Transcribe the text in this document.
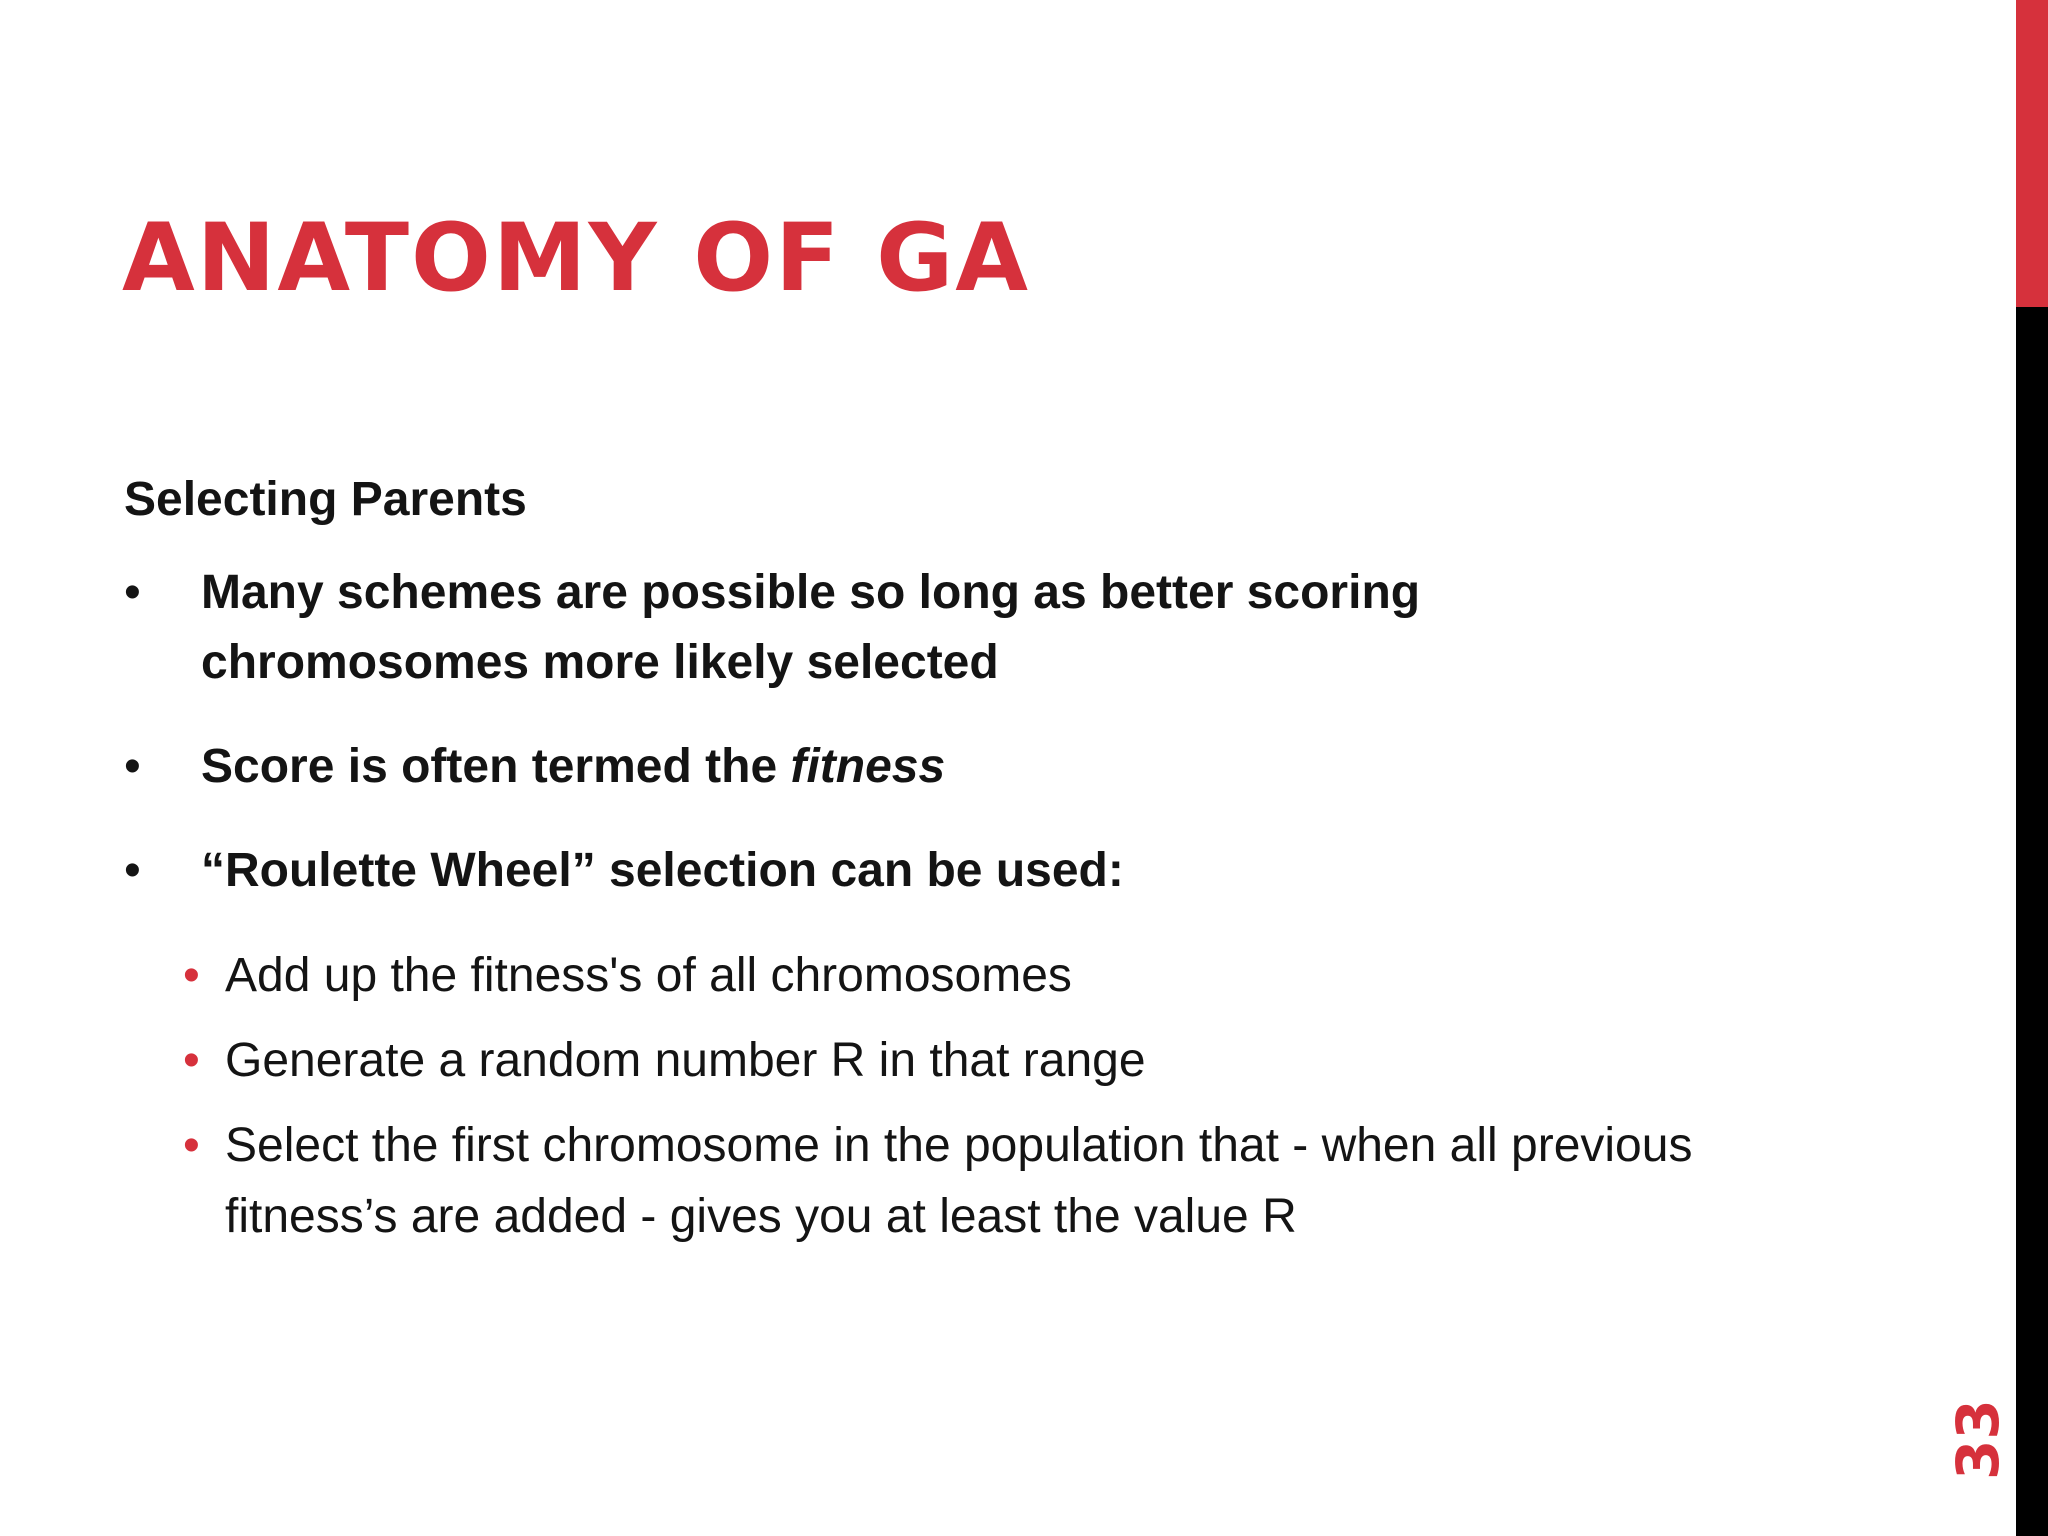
ANATOMY OF GA

Selecting Parents

• Many schemes are possible so long as better scoring chromosomes more likely selected
• Score is often termed the fitness
• “Roulette Wheel” selection can be used:
• Add up the fitness's of all chromosomes
• Generate a random number R in that range
• Select the first chromosome in the population that - when all previous fitness’s are added - gives you at least the value R
33
